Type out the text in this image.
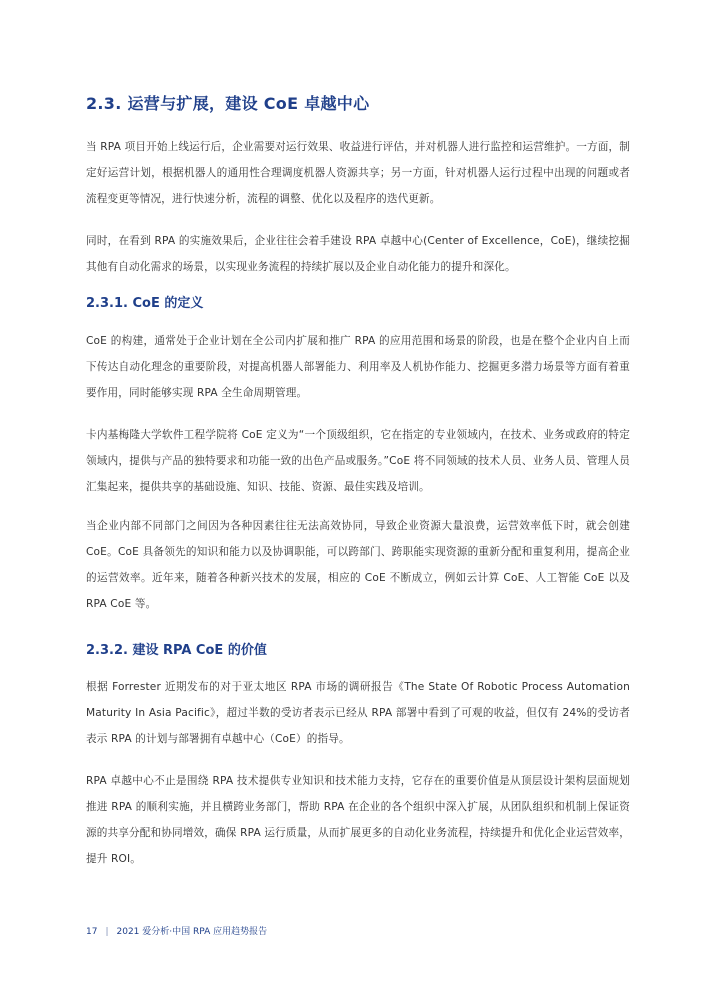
2.3. 运营与扩展，建设 CoE 卓越中心

当 RPA 项目开始上线运行后，企业需要对运行效果、收益进行评估，并对机器人进行监控和运营维护。一方面，制定好运营计划，根据机器人的通用性合理调度机器人资源共享；另一方面，针对机器人运行过程中出现的问题或者流程变更等情况，进行快速分析，流程的调整、优化以及程序的迭代更新。

同时，在看到 RPA 的实施效果后，企业往往会着手建设 RPA 卓越中心(Center of Excellence，CoE)，继续挖掘其他有自动化需求的场景，以实现业务流程的持续扩展以及企业自动化能力的提升和深化。

2.3.1. CoE 的定义

CoE 的构建，通常处于企业计划在全公司内扩展和推广 RPA 的应用范围和场景的阶段，也是在整个企业内自上而下传达自动化理念的重要阶段，对提高机器人部署能力、利用率及人机协作能力、挖掘更多潜力场景等方面有着重要作用，同时能够实现 RPA 全生命周期管理。

卡内基梅隆大学软件工程学院将 CoE 定义为“一个顶级组织，它在指定的专业领域内，在技术、业务或政府的特定领域内，提供与产品的独特要求和功能一致的出色产品或服务。”CoE 将不同领域的技术人员、业务人员、管理人员汇集起来，提供共享的基础设施、知识、技能、资源、最佳实践及培训。

当企业内部不同部门之间因为各种因素往往无法高效协同，导致企业资源大量浪费，运营效率低下时，就会创建 CoE。CoE 具备领先的知识和能力以及协调职能，可以跨部门、跨职能实现资源的重新分配和重复利用，提高企业的运营效率。近年来，随着各种新兴技术的发展，相应的 CoE 不断成立，例如云计算 CoE、人工智能 CoE 以及 RPA CoE 等。

2.3.2. 建设 RPA CoE 的价值

根据 Forrester 近期发布的对于亚太地区 RPA 市场的调研报告《The State Of Robotic Process Automation Maturity In Asia Pacific》，超过半数的受访者表示已经从 RPA 部署中看到了可观的收益，但仅有 24%的受访者表示 RPA 的计划与部署拥有卓越中心（CoE）的指导。

RPA 卓越中心不止是围绕 RPA 技术提供专业知识和技术能力支持，它存在的重要价值是从顶层设计架构层面规划推进 RPA 的顺利实施，并且横跨业务部门，帮助 RPA 在企业的各个组织中深入扩展，从团队组织和机制上保证资源的共享分配和协同增效，确保 RPA 运行质量，从而扩展更多的自动化业务流程，持续提升和优化企业运营效率，提升 ROI。

17 | 2021 爱分析·中国 RPA 应用趋势报告
